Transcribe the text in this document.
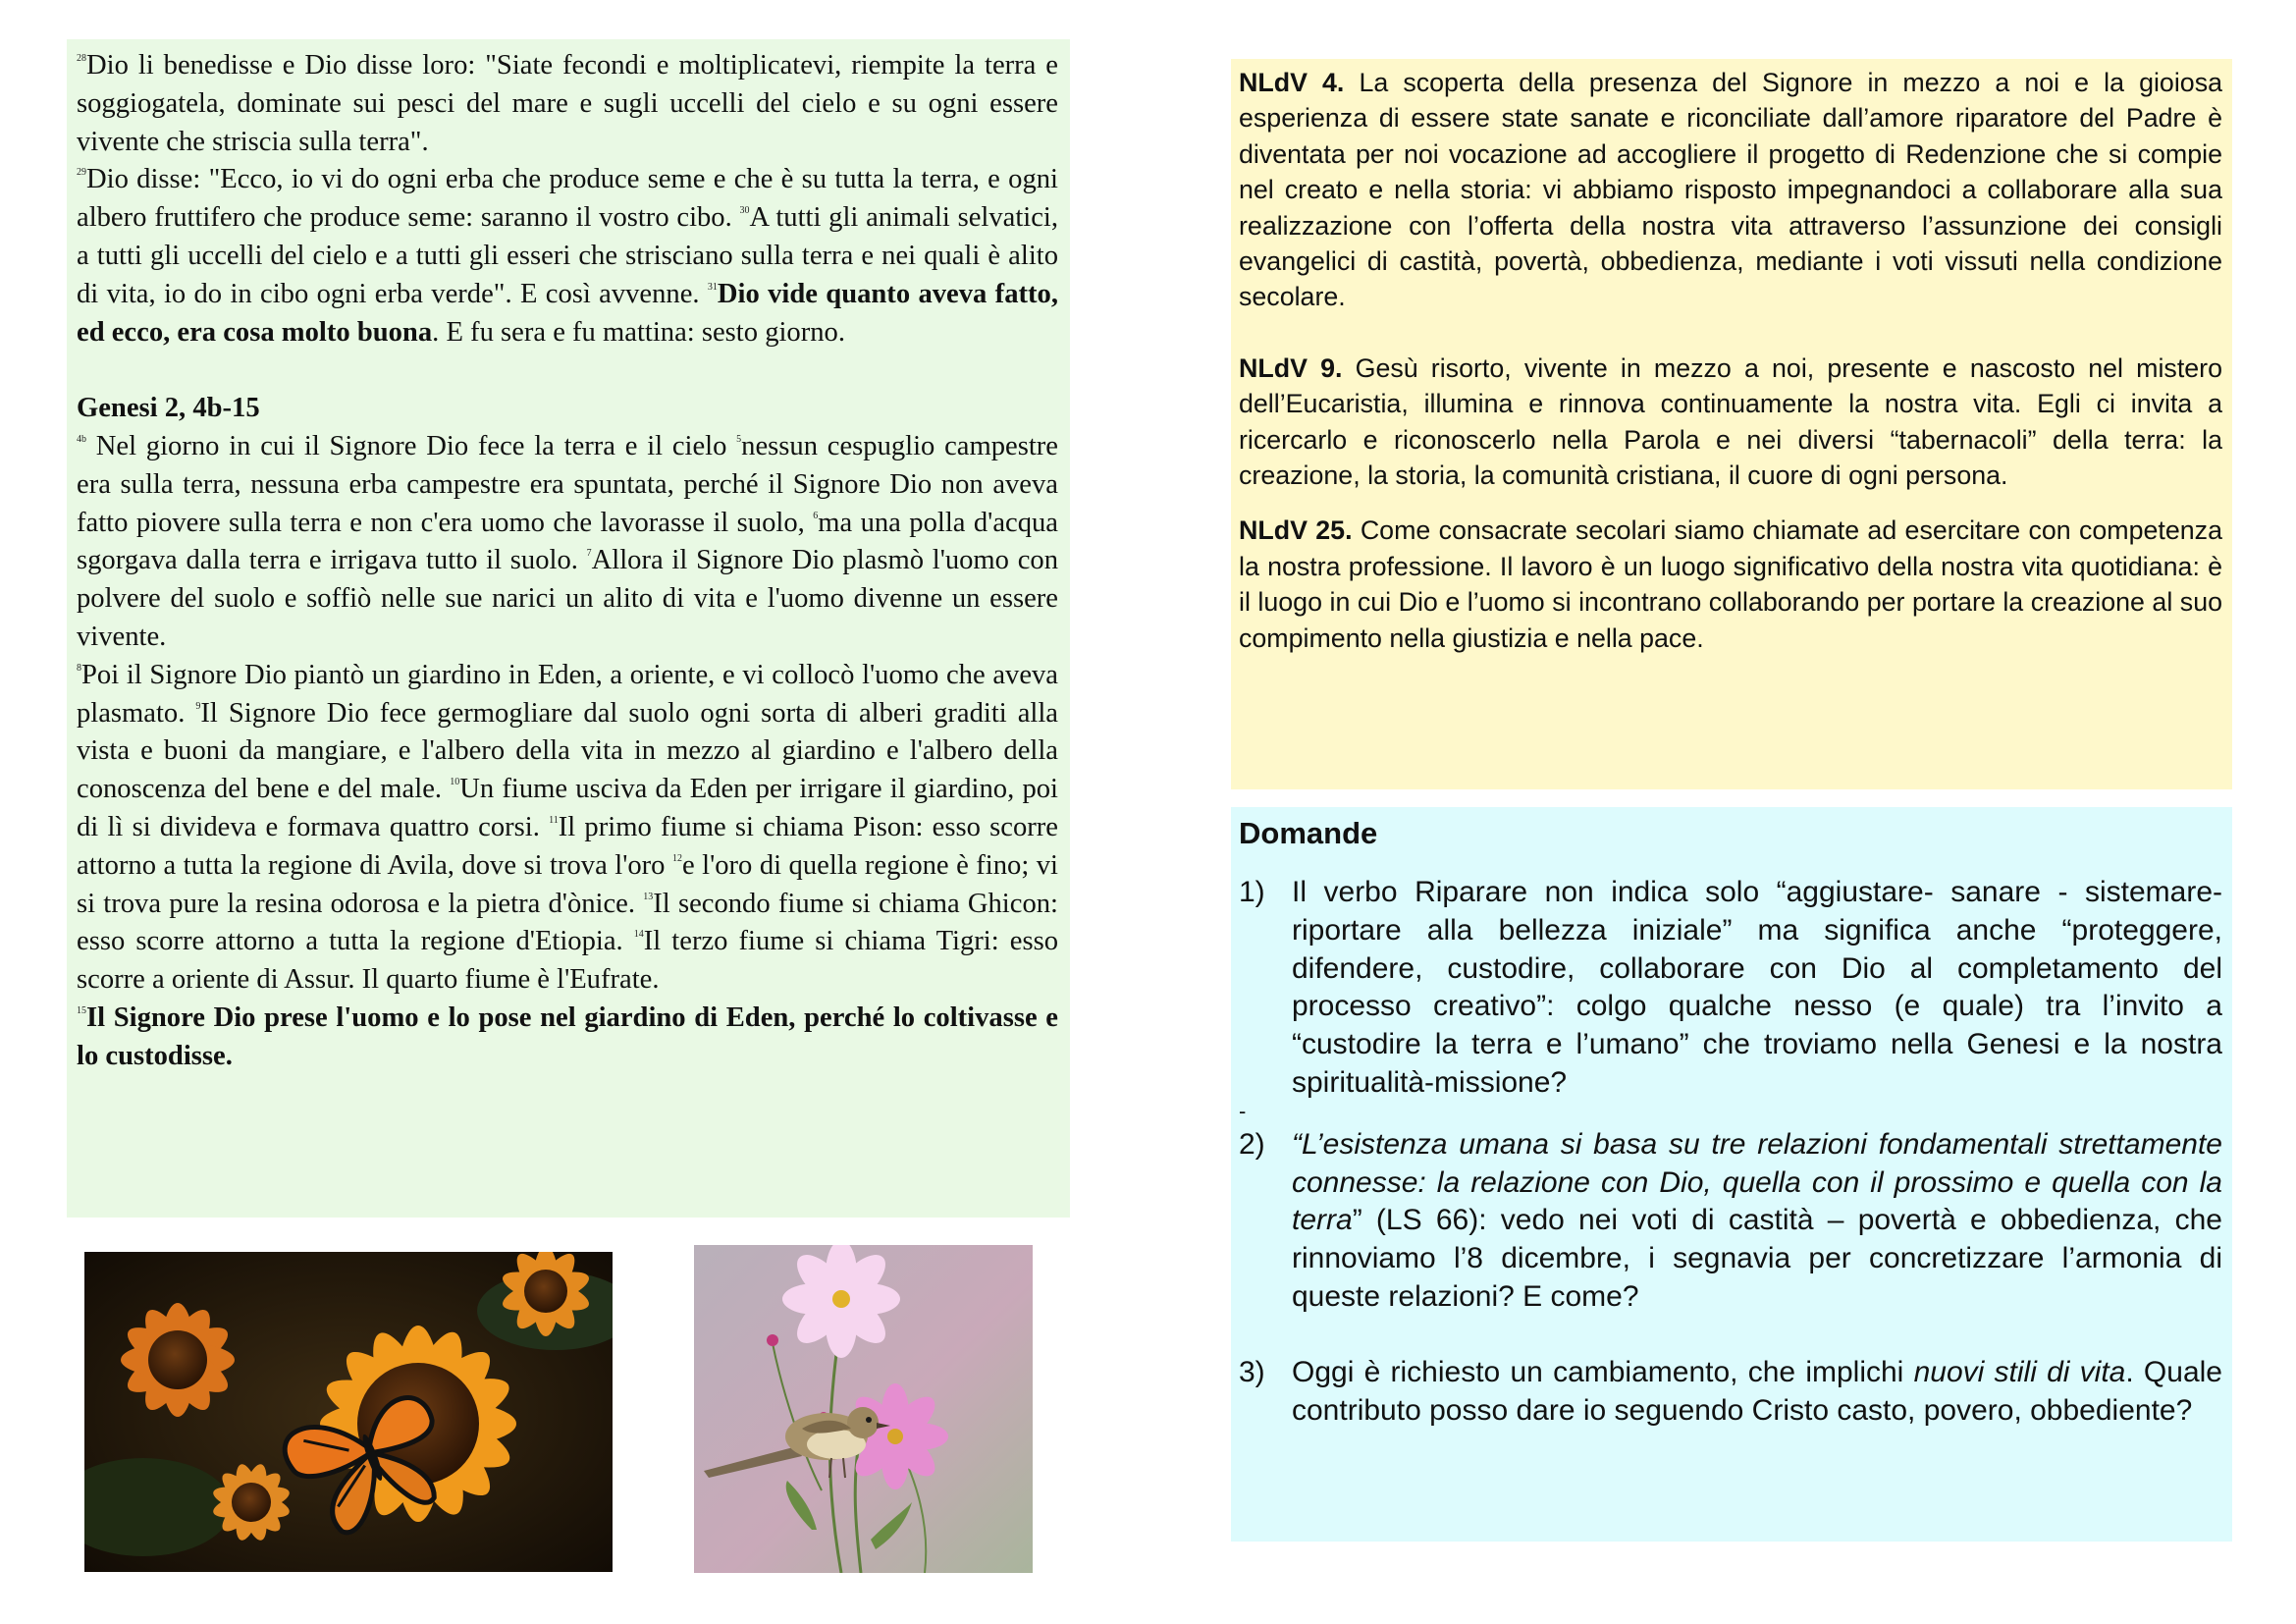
$^{28}$Dio li benedisse e Dio disse loro: "Siate fecondi e moltiplicatevi, riempite la terra e soggiogatela, dominate sui pesci del mare e sugli uccelli del cielo e su ogni essere vivente che striscia sulla terra".

$^{29}$Dio disse: "Ecco, io vi do ogni erba che produce seme e che è su tutta la terra, e ogni albero fruttifero che produce seme: saranno il vostro cibo. $^{30}$A tutti gli animali selvatici, a tutti gli uccelli del cielo e a tutti gli esseri che strisciano sulla terra e nei quali è alito di vita, io do in cibo ogni erba verde". E così avvenne. $^{31}$Dio vide quanto aveva fatto, ed ecco, era cosa molto buona. E fu sera e fu mattina: sesto giorno.

Genesi 2, 4b-15

$^{4b}$ Nel giorno in cui il Signore Dio fece la terra e il cielo $^5$nessun cespuglio campestre era sulla terra, nessuna erba campestre era spuntata, perché il Signore Dio non aveva fatto piovere sulla terra e non c'era uomo che lavorasse il suolo, $^6$ma una polla d'acqua sgorgava dalla terra e irrigava tutto il suolo. $^7$Allora il Signore Dio plasmò l'uomo con polvere del suolo e soffiò nelle sue narici un alito di vita e l'uomo divenne un essere vivente.

$^8$Poi il Signore Dio piantò un giardino in Eden, a oriente, e vi collocò l'uomo che aveva plasmato. $^9$Il Signore Dio fece germogliare dal suolo ogni sorta di alberi graditi alla vista e buoni da mangiare, e l'albero della vita in mezzo al giardino e l'albero della conoscenza del bene e del male. $^{10}$Un fiume usciva da Eden per irrigare il giardino, poi di lì si divideva e formava quattro corsi. $^{11}$Il primo fiume si chiama Pison: esso scorre attorno a tutta la regione di Avila, dove si trova l'oro $^{12}$e l'oro di quella regione è fino; vi si trova pure la resina odorosa e la pietra d'ònice. $^{13}$Il secondo fiume si chiama Ghicon: esso scorre attorno a tutta la regione d'Etiopia. $^{14}$Il terzo fiume si chiama Tigri: esso scorre a oriente di Assur. Il quarto fiume è l'Eufrate.

$^{15}$Il Signore Dio prese l'uomo e lo pose nel giardino di Eden, perché lo coltivasse e lo custodisse.

NLdV 4. La scoperta della presenza del Signore in mezzo a noi e la gioiosa esperienza di essere state sanate e riconciliate dall’amore riparatore del Padre è diventata per noi vocazione ad accogliere il progetto di Redenzione che si compie nel creato e nella storia: vi abbiamo risposto impegnandoci a collaborare alla sua realizzazione con l’offerta della nostra vita attraverso l’assunzione dei consigli evangelici di castità, povertà, obbedienza, mediante i voti vissuti nella condizione secolare.

NLdV 9. Gesù risorto, vivente in mezzo a noi, presente e nascosto nel mistero dell’Eucaristia, illumina e rinnova continuamente la nostra vita. Egli ci invita a ricercarlo e riconoscerlo nella Parola e nei diversi “tabernacoli” della terra: la creazione, la storia, la comunità cristiana, il cuore di ogni persona.

NLdV 25. Come consacrate secolari siamo chiamate ad esercitare con competenza la nostra professione. Il lavoro è un luogo significativo della nostra vita quotidiana: è il luogo in cui Dio e l’uomo si incontrano collaborando per portare la creazione al suo compimento nella giustizia e nella pace.

Domande
1) Il verbo Riparare non indica solo “aggiustare- sanare - sistemare-riportare alla bellezza iniziale” ma significa anche “proteggere, difendere, custodire, collaborare con Dio al completamento del processo creativo”: colgo qualche nesso (e quale) tra l’invito a “custodire la terra e l’umano” che troviamo nella Genesi e la nostra spiritualità-missione?
-
2) “L’esistenza umana si basa su tre relazioni fondamentali strettamente connesse: la relazione con Dio, quella con il prossimo e quella con la terra” (LS 66): vedo nei voti di castità – povertà e obbedienza, che rinnoviamo l’8 dicembre, i segnavia per concretizzare l’armonia di queste relazioni? E come?
3) Oggi è richiesto un cambiamento, che implichi nuovi stili di vita. Quale contributo posso dare io seguendo Cristo casto, povero, obbediente?
